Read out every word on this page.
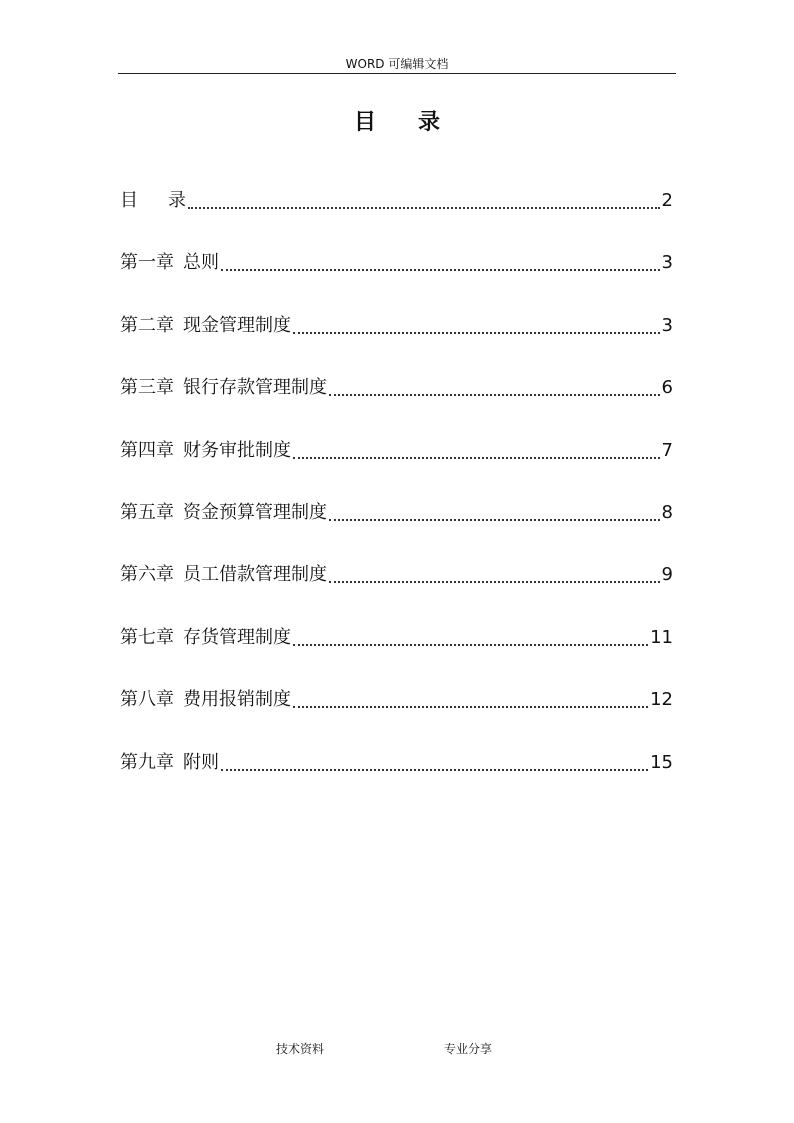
WORD 可编辑文档
目 录
目 录	2
第一章 总则	3
第二章 现金管理制度	3
第三章 银行存款管理制度	6
第四章 财务审批制度	7
第五章 资金预算管理制度	8
第六章 员工借款管理制度	9
第七章 存货管理制度	11
第八章 费用报销制度	12
第九章 附则	15
技术资料	专业分享
